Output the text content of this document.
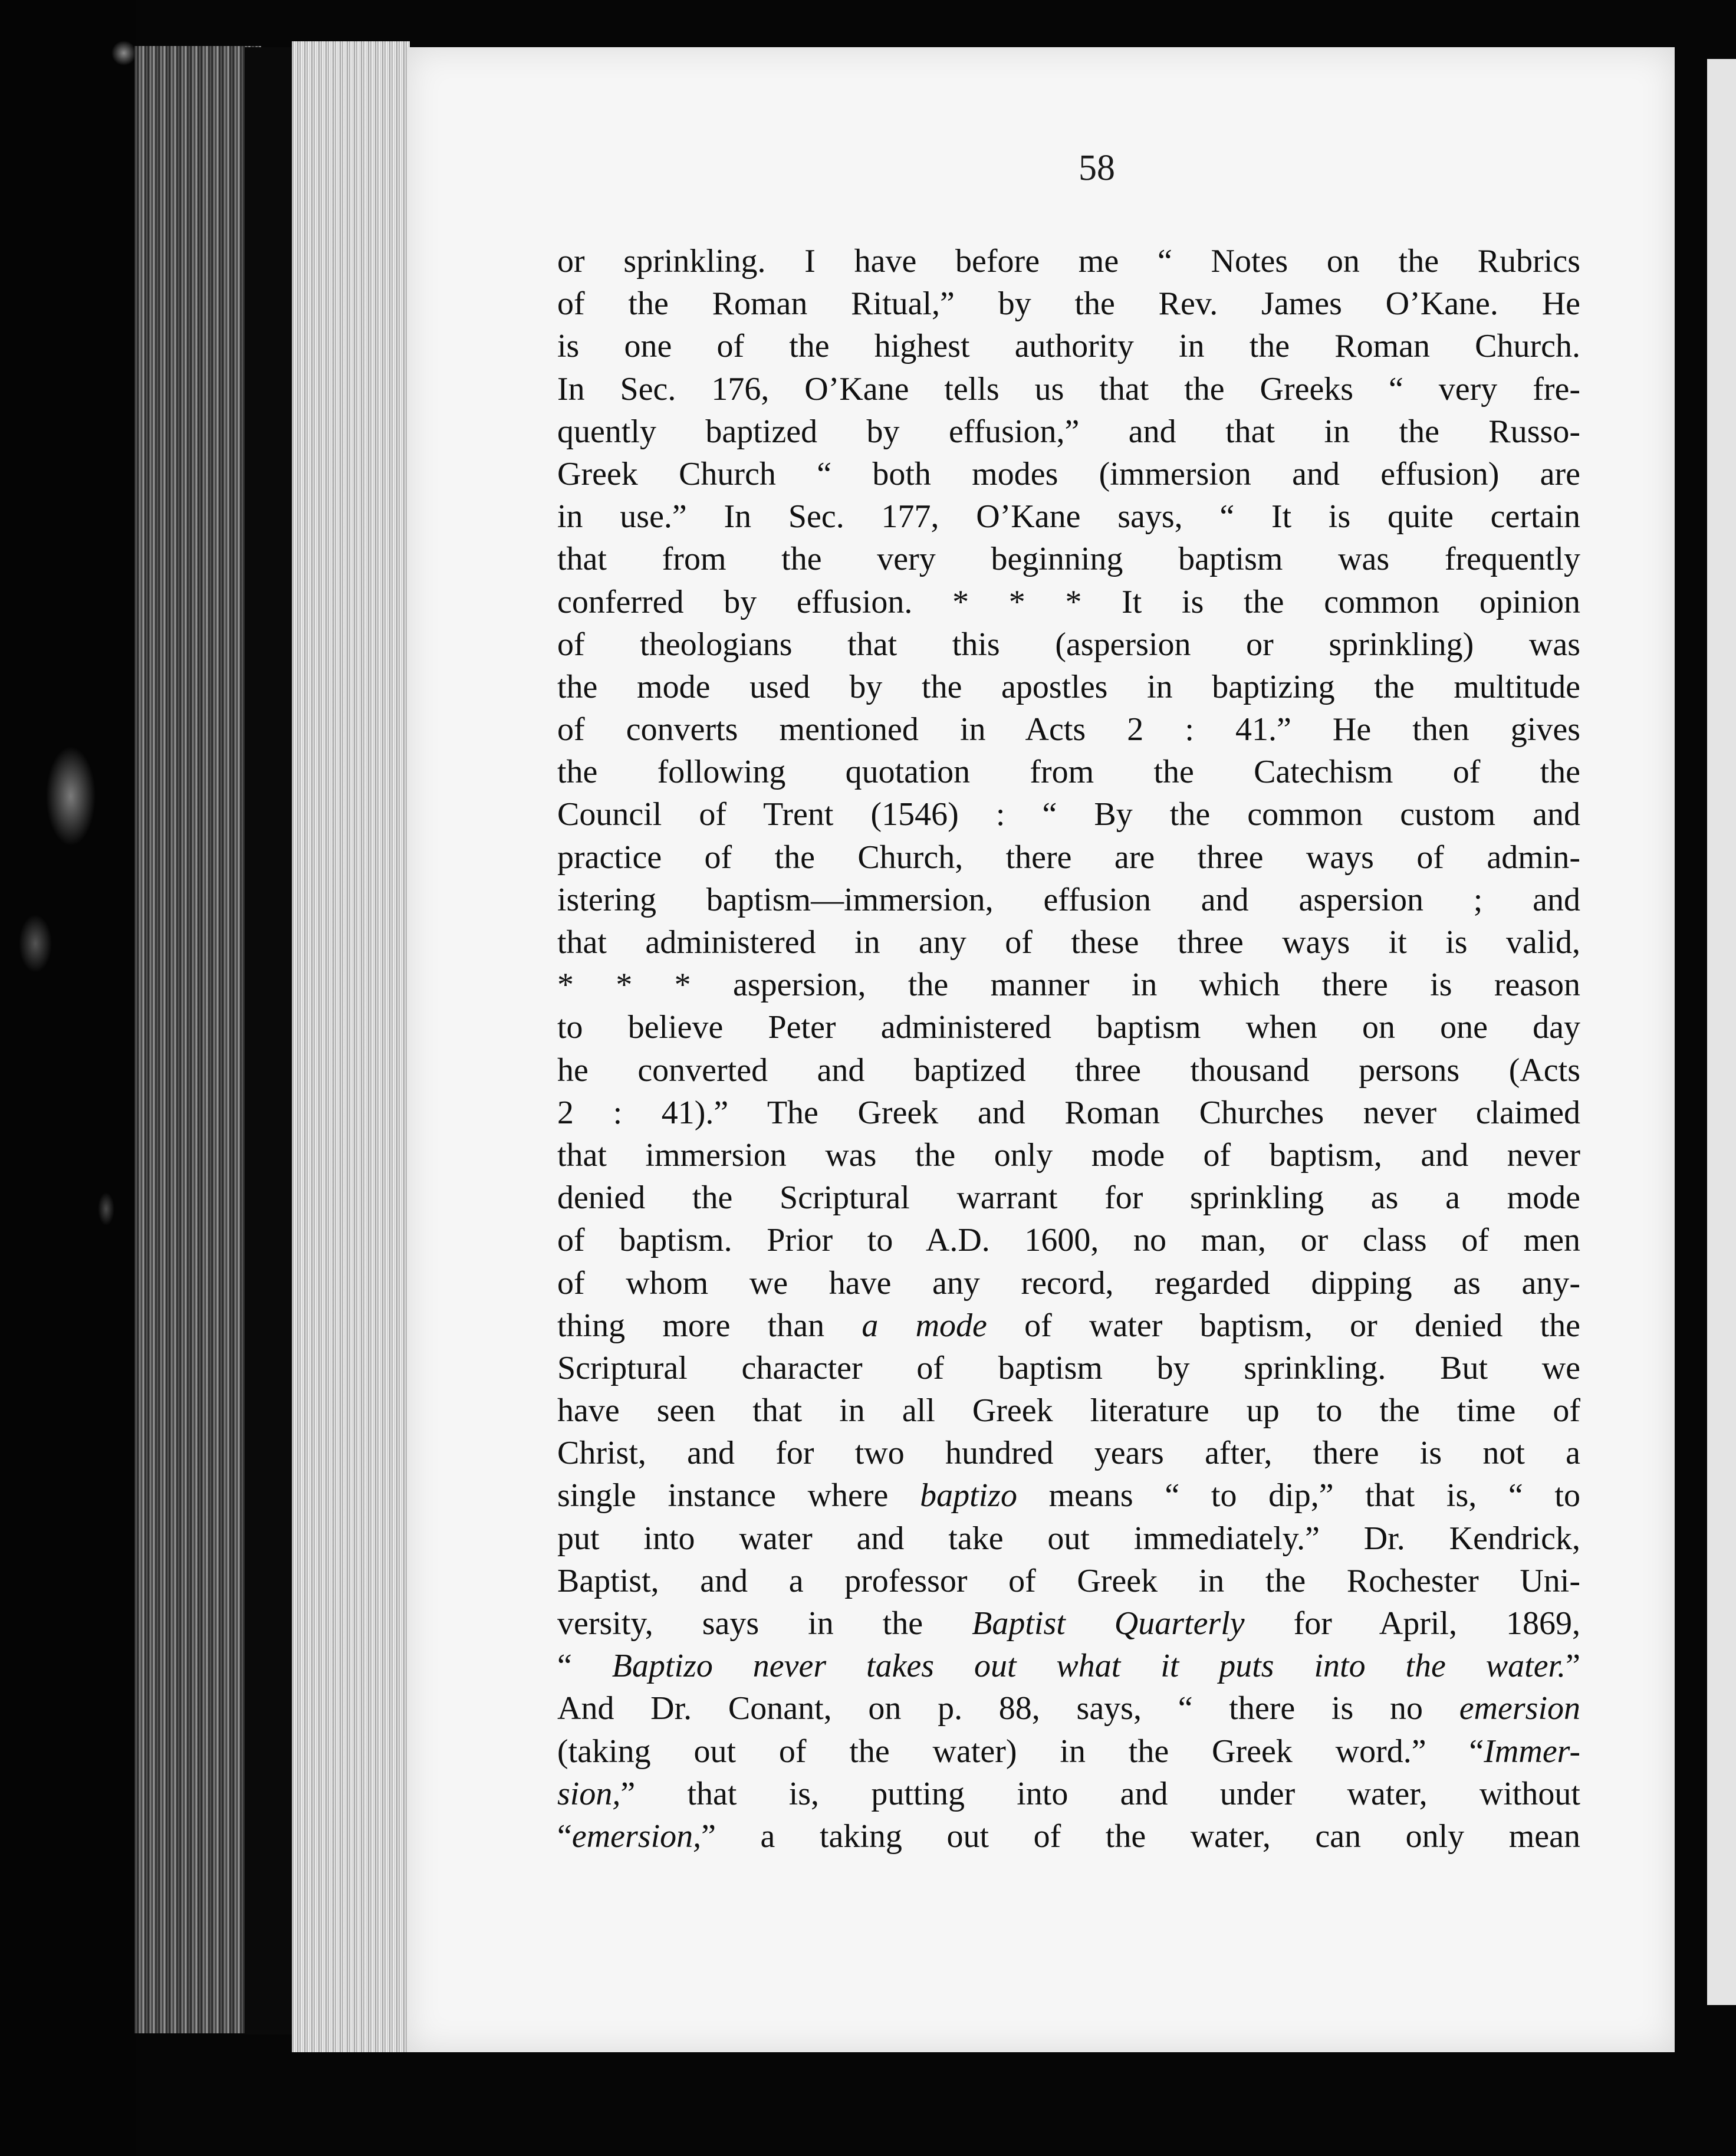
58
or sprinkling. I have before me “ Notes on the Rubrics
of the Roman Ritual,” by the Rev. James O’Kane. He
is one of the highest authority in the Roman Church.
In Sec. 176, O’Kane tells us that the Greeks “ very fre-
quently baptized by effusion,” and that in the Russo-
Greek Church “ both modes (immersion and effusion) are
in use.” In Sec. 177, O’Kane says, “ It is quite certain
that from the very beginning baptism was frequently
conferred by effusion. * * * It is the common opinion
of theologians that this (aspersion or sprinkling) was
the mode used by the apostles in baptizing the multitude
of converts mentioned in Acts 2 : 41.” He then gives
the following quotation from the Catechism of the
Council of Trent (1546) : “ By the common custom and
practice of the Church, there are three ways of admin-
istering baptism—immersion, effusion and aspersion ; and
that administered in any of these three ways it is valid,
* * * aspersion, the manner in which there is reason
to believe Peter administered baptism when on one day
he converted and baptized three thousand persons (Acts
2 : 41).” The Greek and Roman Churches never claimed
that immersion was the only mode of baptism, and never
denied the Scriptural warrant for sprinkling as a mode
of baptism. Prior to A.D. 1600, no man, or class of men
of whom we have any record, regarded dipping as any-
thing more than a mode of water baptism, or denied the
Scriptural character of baptism by sprinkling. But we
have seen that in all Greek literature up to the time of
Christ, and for two hundred years after, there is not a
single instance where baptizo means “ to dip,” that is, “ to
put into water and take out immediately.” Dr. Kendrick,
Baptist, and a professor of Greek in the Rochester Uni-
versity, says in the Baptist Quarterly for April, 1869,
“ Baptizo never takes out what it puts into the water.”
And Dr. Conant, on p. 88, says, “ there is no emersion
(taking out of the water) in the Greek word.” “Immer-
sion,” that is, putting into and under water, without
“emersion,” a taking out of the water, can only mean
